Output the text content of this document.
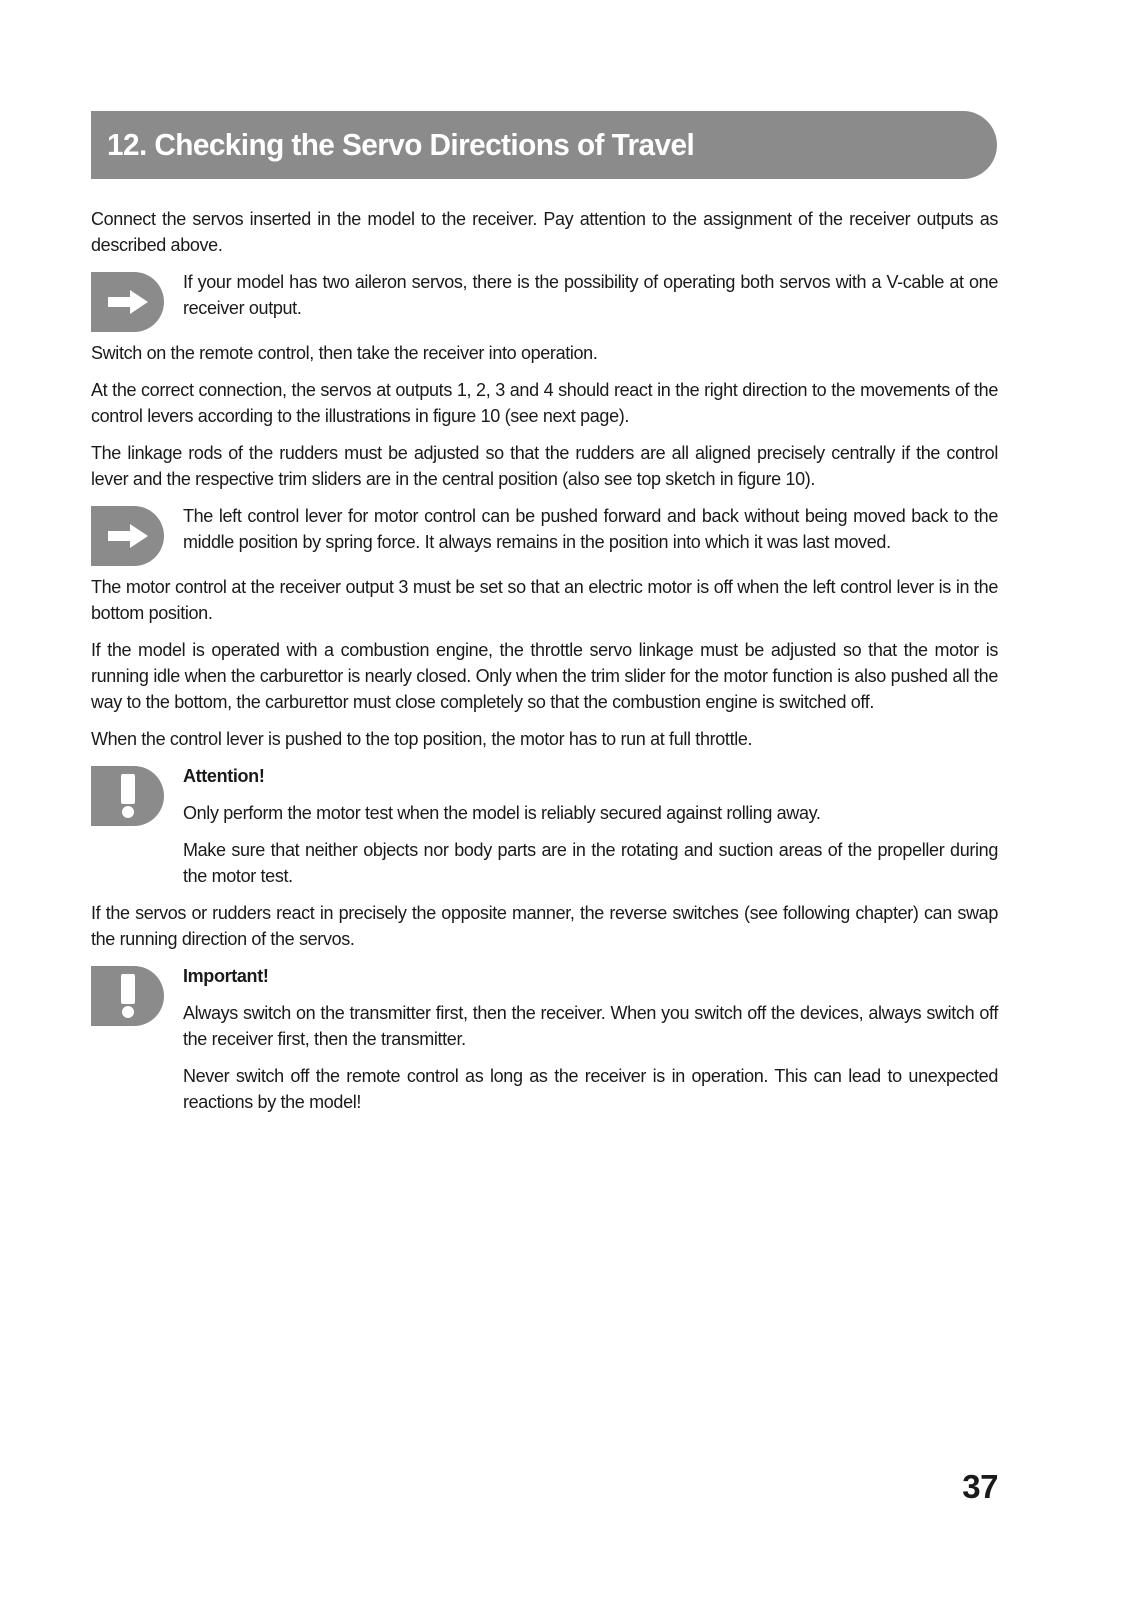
12. Checking the Servo Directions of Travel

Connect the servos inserted in the model to the receiver. Pay attention to the assignment of the receiver outputs as described above.

If your model has two aileron servos, there is the possibility of operating both servos with a V-cable at one receiver output.

Switch on the remote control, then take the receiver into operation.

At the correct connection, the servos at outputs 1, 2, 3 and 4 should react in the right direction to the movements of the control levers according to the illustrations in figure 10 (see next page).

The linkage rods of the rudders must be adjusted so that the rudders are all aligned precisely centrally if the control lever and the respective trim sliders are in the central position (also see top sketch in figure 10).

The left control lever for motor control can be pushed forward and back without being moved back to the middle position by spring force. It always remains in the position into which it was last moved.

The motor control at the receiver output 3 must be set so that an electric motor is off when the left control lever is in the bottom position.

If the model is operated with a combustion engine, the throttle servo linkage must be adjusted so that the motor is running idle when the carburettor is nearly closed. Only when the trim slider for the motor function is also pushed all the way to the bottom, the carburettor must close completely so that the combustion engine is switched off.

When the control lever is pushed to the top position, the motor has to run at full throttle.

Attention!

Only perform the motor test when the model is reliably secured against rolling away.

Make sure that neither objects nor body parts are in the rotating and suction areas of the propeller during the motor test.

If the servos or rudders react in precisely the opposite manner, the reverse switches (see following chapter) can swap the running direction of the servos.

Important!

Always switch on the transmitter first, then the receiver. When you switch off the devices, always switch off the receiver first, then the transmitter.

Never switch off the remote control as long as the receiver is in operation. This can lead to unexpected reactions by the model!

37
